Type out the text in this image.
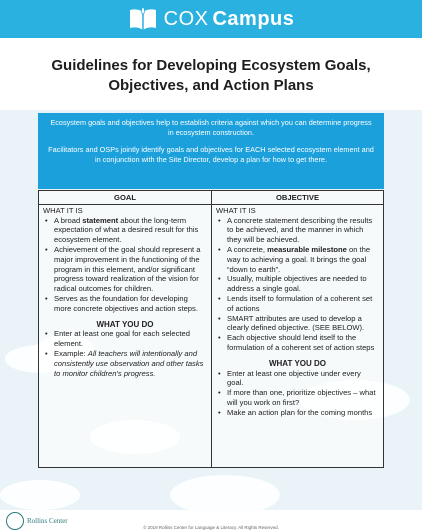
COX Campus
Guidelines for Developing Ecosystem Goals,
Objectives, and Action Plans

Ecosystem goals and objectives help to establish criteria against which you can determine progress in ecosystem construction.

Facilitators and OSPs jointly identify goals and objectives for EACH selected ecosystem element and in conjunction with the Site Director, develop a plan for how to get there.

GOAL
WHAT IT IS
• A broad statement about the long-term expectation of what a desired result for this ecosystem element.
• Achievement of the goal should represent a major improvement in the functioning of the program in this element, and/or significant progress toward realization of the vision for radical outcomes for children.
• Serves as the foundation for developing more concrete objectives and action steps.
WHAT YOU DO
• Enter at least one goal for each selected element.
• Example: All teachers will intentionally and consistently use observation and other tasks to monitor children's progress.
OBJECTIVE
WHAT IT IS
• A concrete statement describing the results to be achieved, and the manner in which they will be achieved.
• A concrete, measurable milestone on the way to achieving a goal. It brings the goal “down to earth”.
• Usually, multiple objectives are needed to address a single goal.
• Lends itself to formulation of a coherent set of actions
• SMART attributes are used to develop a clearly defined objective. (SEE BELOW).
• Each objective should lend itself to the formulation of a coherent set of action steps
WHAT YOU DO
• Enter at least one objective under every goal.
• If more than one, prioritize objectives – what will you work on first?
• Make an action plan for the coming months
Rollins Center
© 2019 Rollins Center for Language & Literacy. All Rights Reserved.
